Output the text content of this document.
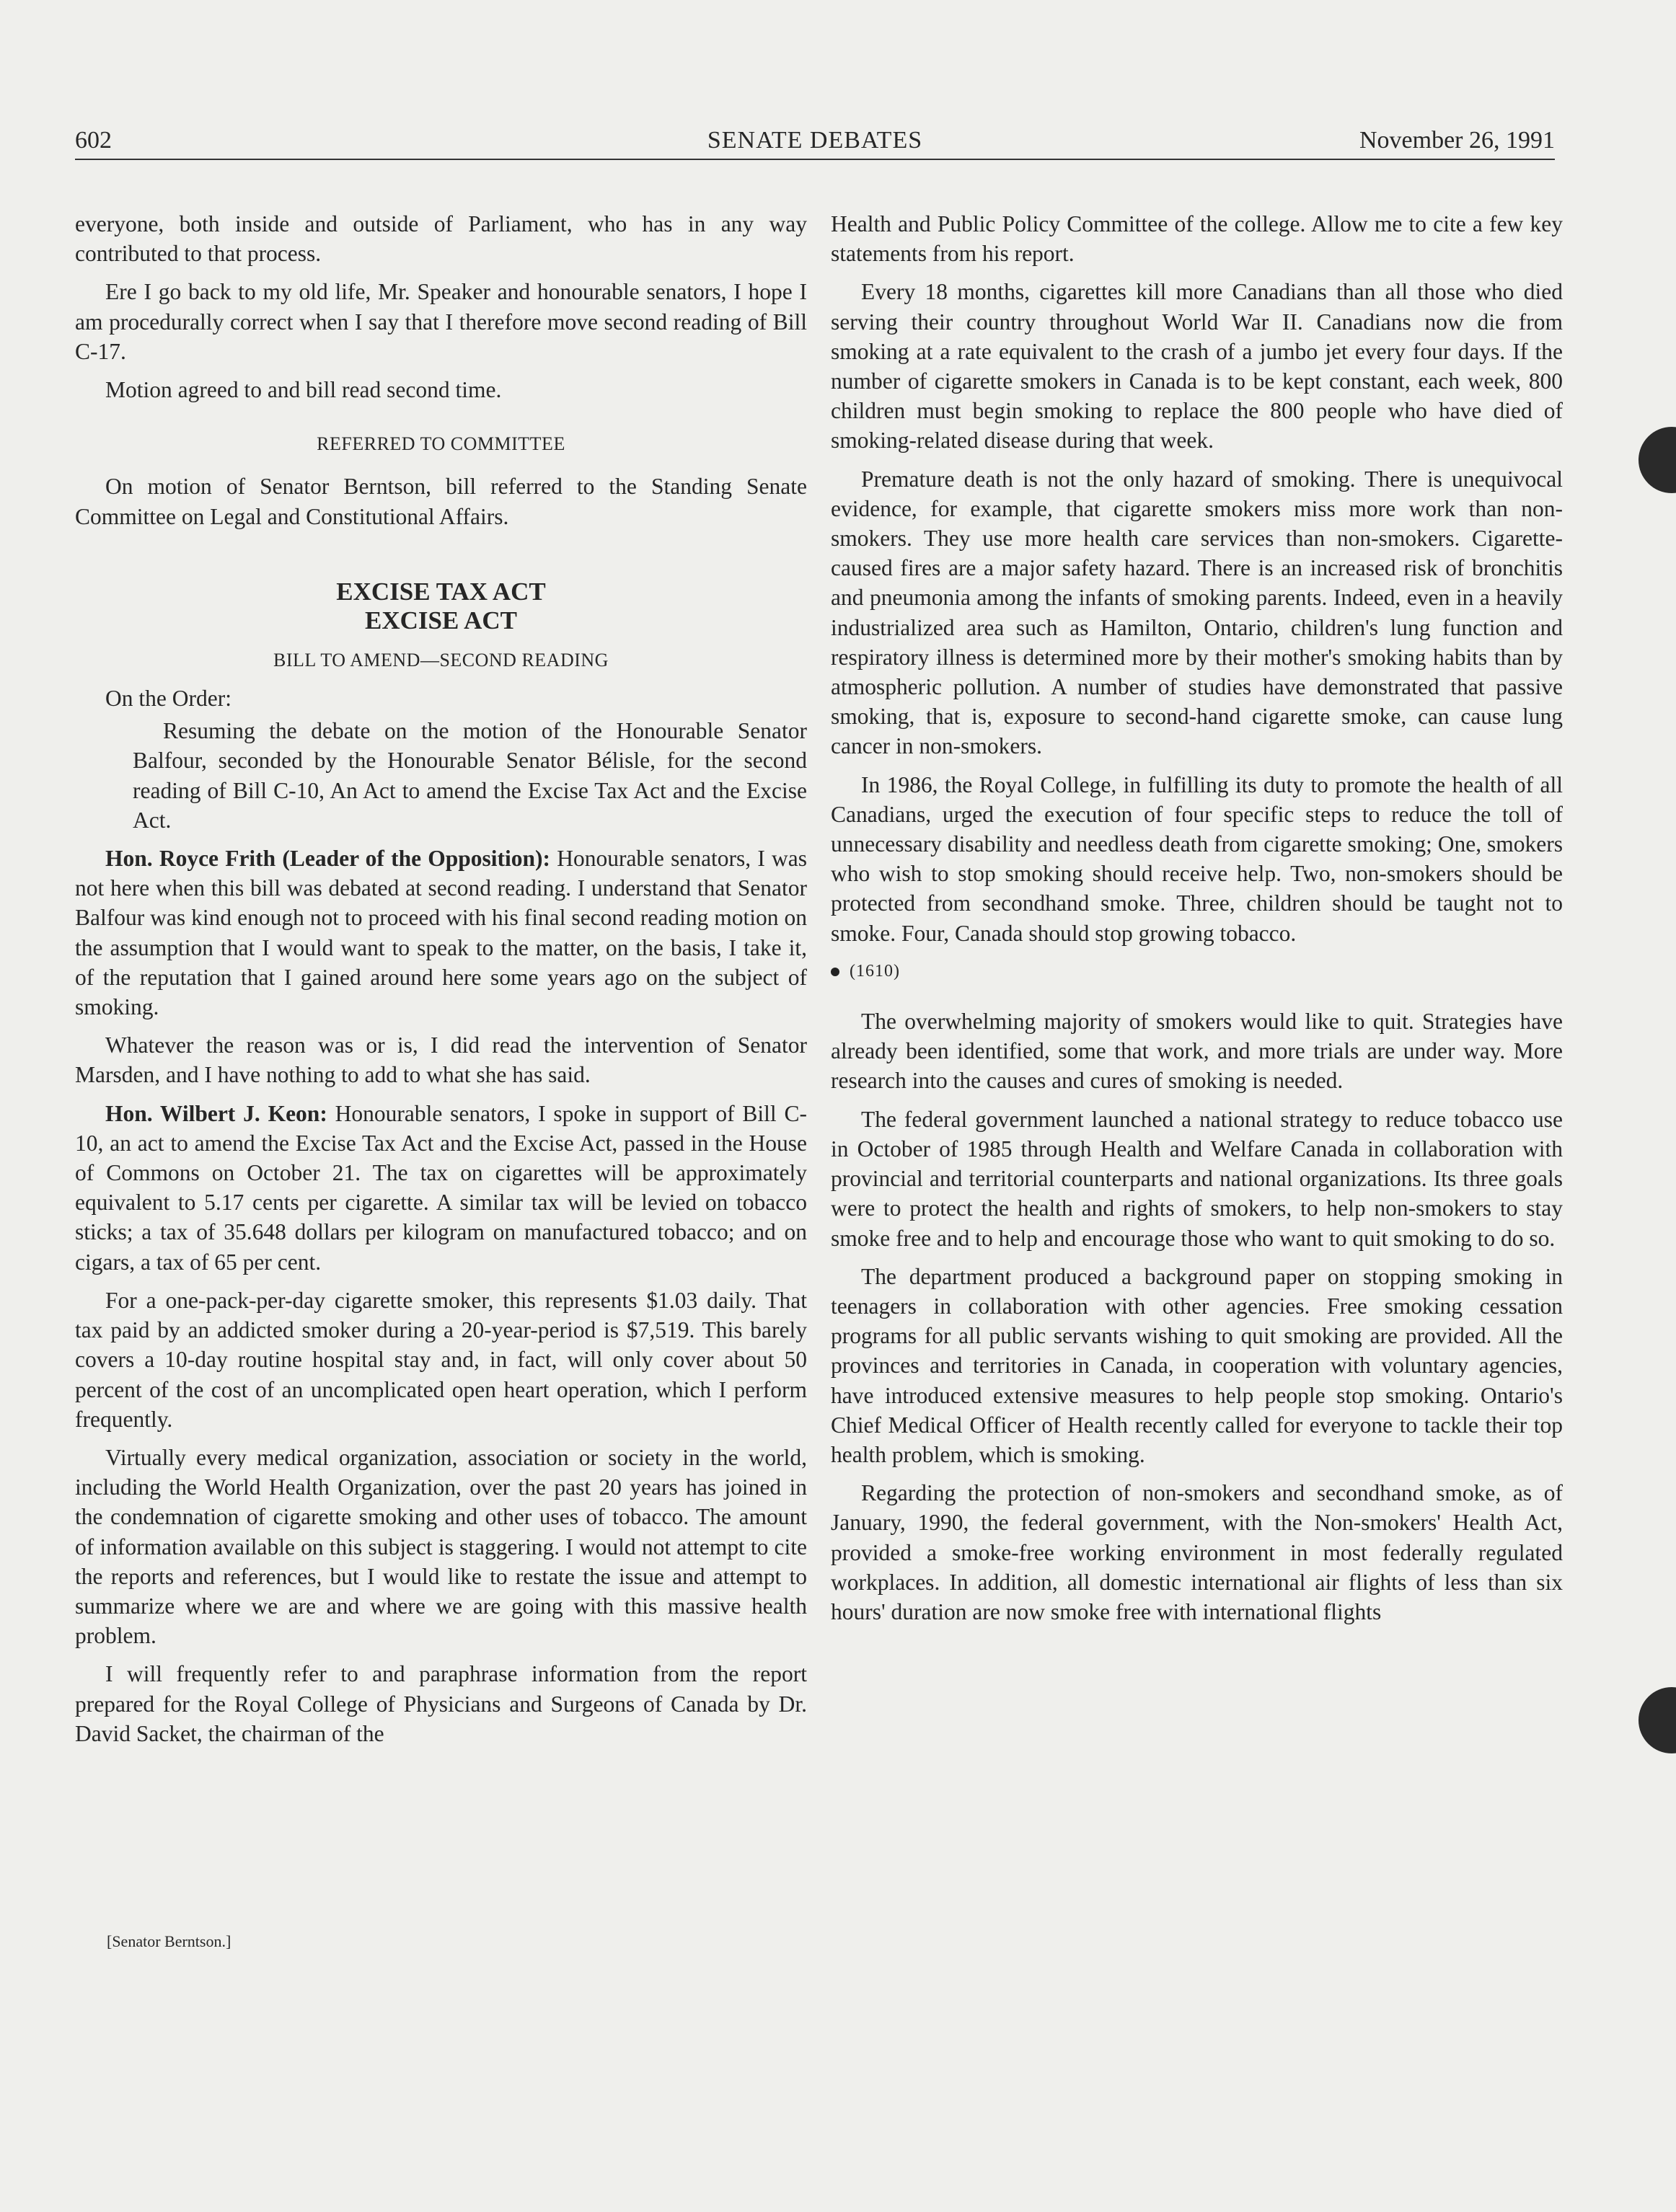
602	SENATE DEBATES	November 26, 1991

everyone, both inside and outside of Parliament, who has in any way contributed to that process.

Ere I go back to my old life, Mr. Speaker and honourable senators, I hope I am procedurally correct when I say that I therefore move second reading of Bill C-17.

Motion agreed to and bill read second time.

REFERRED TO COMMITTEE

On motion of Senator Berntson, bill referred to the Standing Senate Committee on Legal and Constitutional Affairs.

EXCISE TAX ACT

EXCISE ACT

BILL TO AMEND—SECOND READING

On the Order:

Resuming the debate on the motion of the Honourable Senator Balfour, seconded by the Honourable Senator Bélisle, for the second reading of Bill C-10, An Act to amend the Excise Tax Act and the Excise Act.

Hon. Royce Frith (Leader of the Opposition): Honourable senators, I was not here when this bill was debated at second reading. I understand that Senator Balfour was kind enough not to proceed with his final second reading motion on the assumption that I would want to speak to the matter, on the basis, I take it, of the reputation that I gained around here some years ago on the subject of smoking.

Whatever the reason was or is, I did read the intervention of Senator Marsden, and I have nothing to add to what she has said.

Hon. Wilbert J. Keon: Honourable senators, I spoke in support of Bill C-10, an act to amend the Excise Tax Act and the Excise Act, passed in the House of Commons on October 21. The tax on cigarettes will be approximately equivalent to 5.17 cents per cigarette. A similar tax will be levied on tobacco sticks; a tax of 35.648 dollars per kilogram on manufactured tobacco; and on cigars, a tax of 65 per cent.

For a one-pack-per-day cigarette smoker, this represents $1.03 daily. That tax paid by an addicted smoker during a 20-year-period is $7,519. This barely covers a 10-day routine hospital stay and, in fact, will only cover about 50 percent of the cost of an uncomplicated open heart operation, which I perform frequently.

Virtually every medical organization, association or society in the world, including the World Health Organization, over the past 20 years has joined in the condemnation of cigarette smoking and other uses of tobacco. The amount of information available on this subject is staggering. I would not attempt to cite the reports and references, but I would like to restate the issue and attempt to summarize where we are and where we are going with this massive health problem.

I will frequently refer to and paraphrase information from the report prepared for the Royal College of Physicians and Surgeons of Canada by Dr. David Sacket, the chairman of the

[Senator Berntson.]

Health and Public Policy Committee of the college. Allow me to cite a few key statements from his report.

Every 18 months, cigarettes kill more Canadians than all those who died serving their country throughout World War II. Canadians now die from smoking at a rate equivalent to the crash of a jumbo jet every four days. If the number of cigarette smokers in Canada is to be kept constant, each week, 800 children must begin smoking to replace the 800 people who have died of smoking-related disease during that week.

Premature death is not the only hazard of smoking. There is unequivocal evidence, for example, that cigarette smokers miss more work than non-smokers. They use more health care services than non-smokers. Cigarette-caused fires are a major safety hazard. There is an increased risk of bronchitis and pneumonia among the infants of smoking parents. Indeed, even in a heavily industrialized area such as Hamilton, Ontario, children's lung function and respiratory illness is determined more by their mother's smoking habits than by atmospheric pollution. A number of studies have demonstrated that passive smoking, that is, exposure to second-hand cigarette smoke, can cause lung cancer in non-smokers.

In 1986, the Royal College, in fulfilling its duty to promote the health of all Canadians, urged the execution of four specific steps to reduce the toll of unnecessary disability and needless death from cigarette smoking; One, smokers who wish to stop smoking should receive help. Two, non-smokers should be protected from secondhand smoke. Three, children should be taught not to smoke. Four, Canada should stop growing tobacco.

(1610)

The overwhelming majority of smokers would like to quit. Strategies have already been identified, some that work, and more trials are under way. More research into the causes and cures of smoking is needed.

The federal government launched a national strategy to reduce tobacco use in October of 1985 through Health and Welfare Canada in collaboration with provincial and territorial counterparts and national organizations. Its three goals were to protect the health and rights of smokers, to help non-smokers to stay smoke free and to help and encourage those who want to quit smoking to do so.

The department produced a background paper on stopping smoking in teenagers in collaboration with other agencies. Free smoking cessation programs for all public servants wishing to quit smoking are provided. All the provinces and territories in Canada, in cooperation with voluntary agencies, have introduced extensive measures to help people stop smoking. Ontario's Chief Medical Officer of Health recently called for everyone to tackle their top health problem, which is smoking.

Regarding the protection of non-smokers and secondhand smoke, as of January, 1990, the federal government, with the Non-smokers' Health Act, provided a smoke-free working environment in most federally regulated workplaces. In addition, all domestic international air flights of less than six hours' duration are now smoke free with international flights
